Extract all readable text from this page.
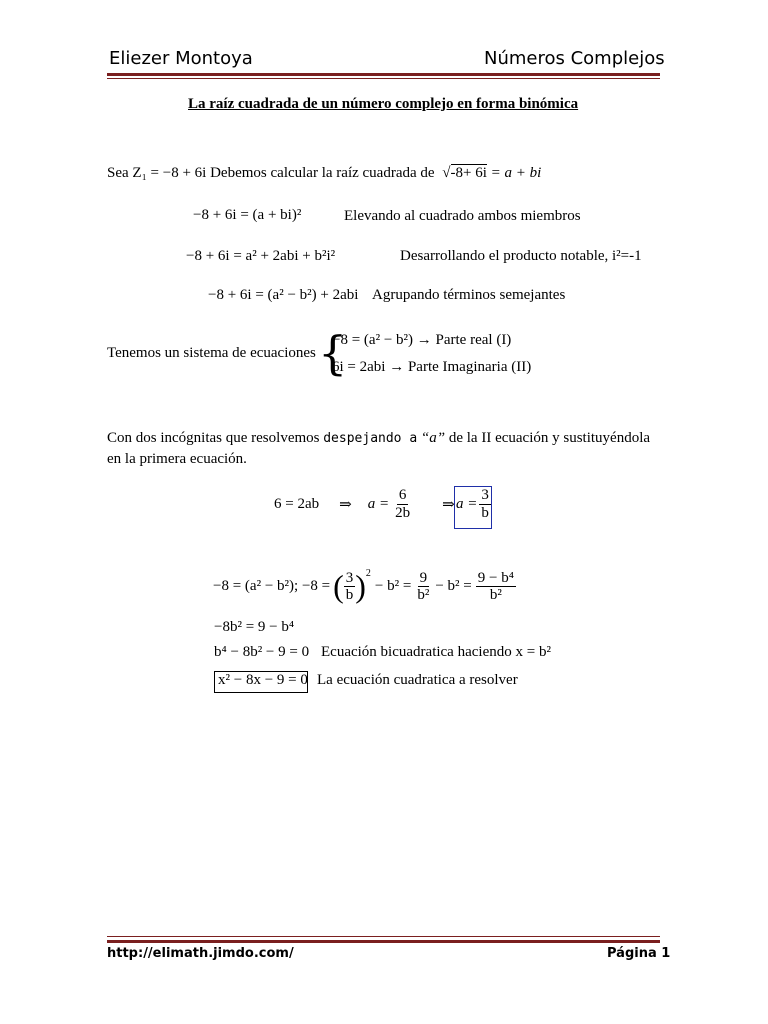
Eliezer Montoya	Números Complejos
La raíz cuadrada de un número complejo en forma binómica
Sea Z₁ = −8 + 6i Debemos calcular la raíz cuadrada de √-8+ 6i = a + bi
−8 + 6i = (a + bi)²	Elevando al cuadrado ambos miembros
−8 + 6i = a² + 2abi + b²i²	Desarrollando el producto notable, i²=-1
−8 + 6i = (a² − b²) + 2abi Agrupando términos semejantes
Tenemos un sistema de ecuaciones {
−8 = (a² − b²) → Parte real (I)
6i = 2abi → Parte Imaginaria (II)
Con dos incógnitas que resolvemos despejando a “a” de la II ecuación y sustituyéndola
en la primera ecuación.
6 = 2ab ⇒ $a = \frac{6}{2b}$ ⇒ $a = \frac{3}{b}$
−8 = (a² − b²); −8 = ( $\frac{3}{b}$ ) 2
− $b^2 = \frac{9}{\text{b²}} - b^2 = \frac{\text{9 − b⁴}}{\text{b²}}$
−8b² = 9 − b⁴
b⁴ − 8b² − 9 = 0 Ecuación bicuadratica haciendo x = b²
x² − 8x − 9 = 0 La ecuación cuadratica a resolver
http://elimath.jimdo.com/	Página 1
